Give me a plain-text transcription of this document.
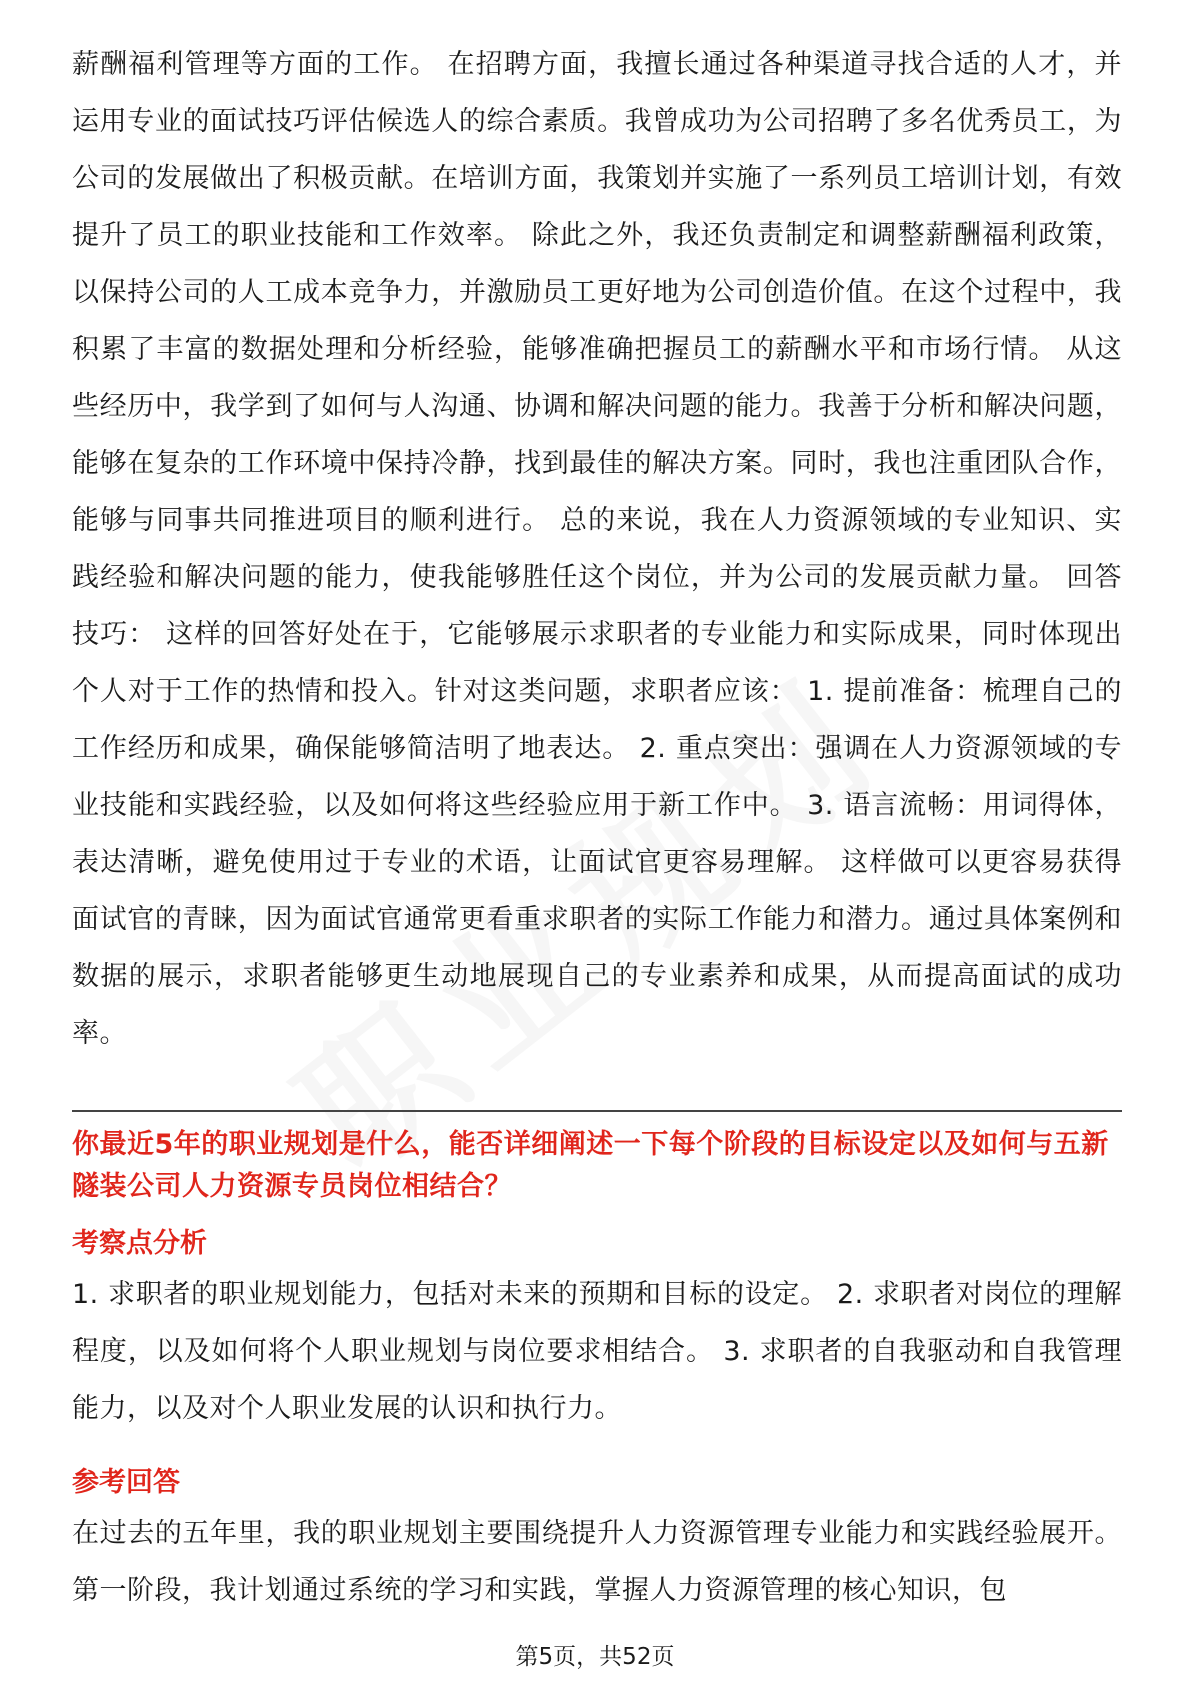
薪酬福利管理等方面的工作。 在招聘方面，我擅长通过各种渠道寻找合适的人才，并运用专业的面试技巧评估候选人的综合素质。我曾成功为公司招聘了多名优秀员工，为公司的发展做出了积极贡献。在培训方面，我策划并实施了一系列员工培训计划，有效提升了员工的职业技能和工作效率。 除此之外，我还负责制定和调整薪酬福利政策，以保持公司的人工成本竞争力，并激励员工更好地为公司创造价值。在这个过程中，我积累了丰富的数据处理和分析经验，能够准确把握员工的薪酬水平和市场行情。 从这些经历中，我学到了如何与人沟通、协调和解决问题的能力。我善于分析和解决问题，能够在复杂的工作环境中保持冷静，找到最佳的解决方案。同时，我也注重团队合作，能够与同事共同推进项目的顺利进行。 总的来说，我在人力资源领域的专业知识、实践经验和解决问题的能力，使我能够胜任这个岗位，并为公司的发展贡献力量。 回答技巧： 这样的回答好处在于，它能够展示求职者的专业能力和实际成果，同时体现出个人对于工作的热情和投入。针对这类问题，求职者应该： 1. 提前准备：梳理自己的工作经历和成果，确保能够简洁明了地表达。 2. 重点突出：强调在人力资源领域的专业技能和实践经验，以及如何将这些经验应用于新工作中。 3. 语言流畅：用词得体，表达清晰，避免使用过于专业的术语，让面试官更容易理解。 这样做可以更容易获得面试官的青睐，因为面试官通常更看重求职者的实际工作能力和潜力。通过具体案例和数据的展示，求职者能够更生动地展现自己的专业素养和成果，从而提高面试的成功率。

你最近5年的职业规划是什么，能否详细阐述一下每个阶段的目标设定以及如何与五新隧装公司人力资源专员岗位相结合？

考察点分析

1. 求职者的职业规划能力，包括对未来的预期和目标的设定。 2. 求职者对岗位的理解程度，以及如何将个人职业规划与岗位要求相结合。 3. 求职者的自我驱动和自我管理能力，以及对个人职业发展的认识和执行力。

参考回答

在过去的五年里，我的职业规划主要围绕提升人力资源管理专业能力和实践经验展开。第一阶段，我计划通过系统的学习和实践，掌握人力资源管理的核心知识，包

第5页，共52页
